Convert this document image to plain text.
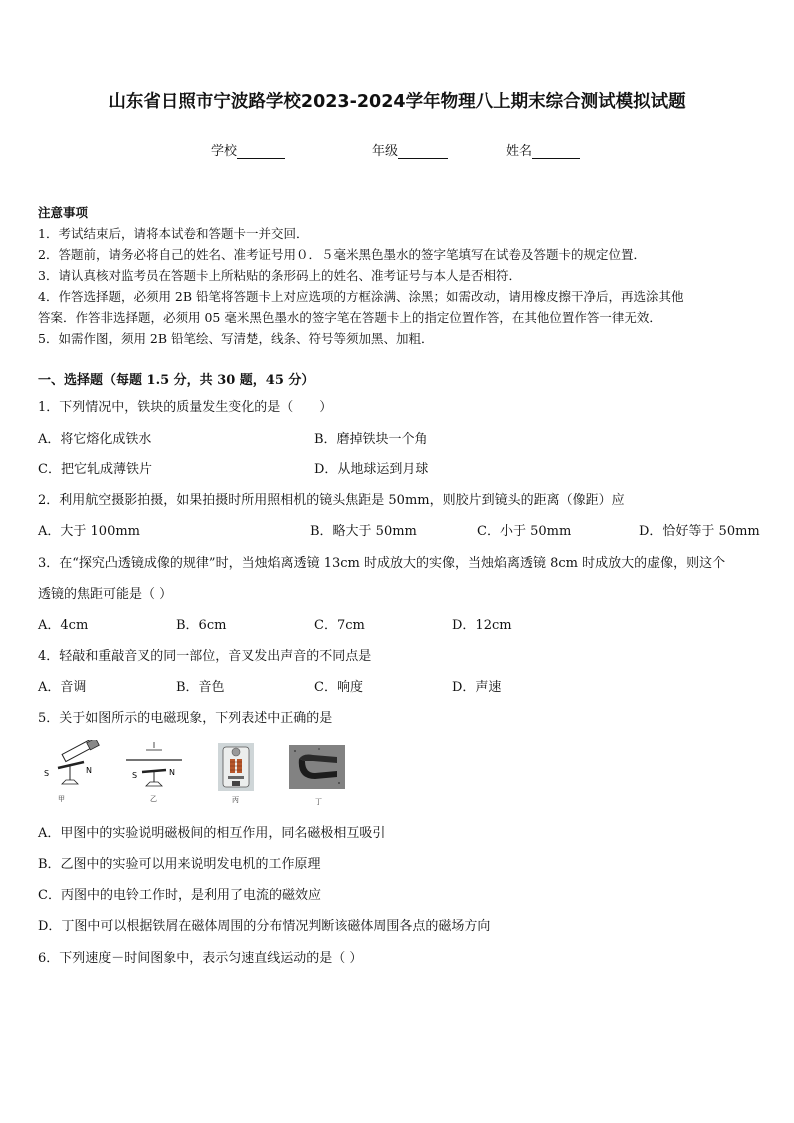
山东省日照市宁波路学校2023-2024学年物理八上期末综合测试模拟试题
学校	年级	姓名
注意事项
1．考试结束后，请将本试卷和答题卡一并交回．
2．答题前，请务必将自己的姓名、准考证号用０．５毫米黑色墨水的签字笔填写在试卷及答题卡的规定位置．
3．请认真核对监考员在答题卡上所粘贴的条形码上的姓名、准考证号与本人是否相符．
4．作答选择题，必须用 2B 铅笔将答题卡上对应选项的方框涂满、涂黑；如需改动，请用橡皮擦干净后，再选涂其他
答案．作答非选择题，必须用 05 毫米黑色墨水的签字笔在答题卡上的指定位置作答，在其他位置作答一律无效．
5．如需作图，须用 2B 铅笔绘、写清楚，线条、符号等须加黑、加粗．
一、选择题（每题 1.5 分，共 30 题，45 分）
1．下列情况中，铁块的质量发生变化的是（　　）
A．将它熔化成铁水	B．磨掉铁块一个角
C．把它轧成薄铁片	D．从地球运到月球
2．利用航空摄影拍摄，如果拍摄时所用照相机的镜头焦距是 50mm，则胶片到镜头的距离（像距）应
A．大于 100mm	B．略大于 50mm	C．小于 50mm	D．恰好等于 50mm
3．在“探究凸透镜成像的规律”时，当烛焰离透镜 13cm 时成放大的实像，当烛焰离透镜 8cm 时成放大的虚像，则这个
透镜的焦距可能是（ ）
A．4cm	B．6cm	C．7cm	D．12cm
4．轻敲和重敲音叉的同一部位，音叉发出声音的不同点是
A．音调	B．音色	C．响度	D．声速
5．关于如图所示的电磁现象，下列表述中正确的是
S	N
甲
S	N
乙	丙	丁
A．甲图中的实验说明磁极间的相互作用，同名磁极相互吸引
B．乙图中的实验可以用来说明发电机的工作原理
C．丙图中的电铃工作时，是利用了电流的磁效应
D．丁图中可以根据铁屑在磁体周围的分布情况判断该磁体周围各点的磁场方向
6．下列速度－时间图象中，表示匀速直线运动的是（ ）
